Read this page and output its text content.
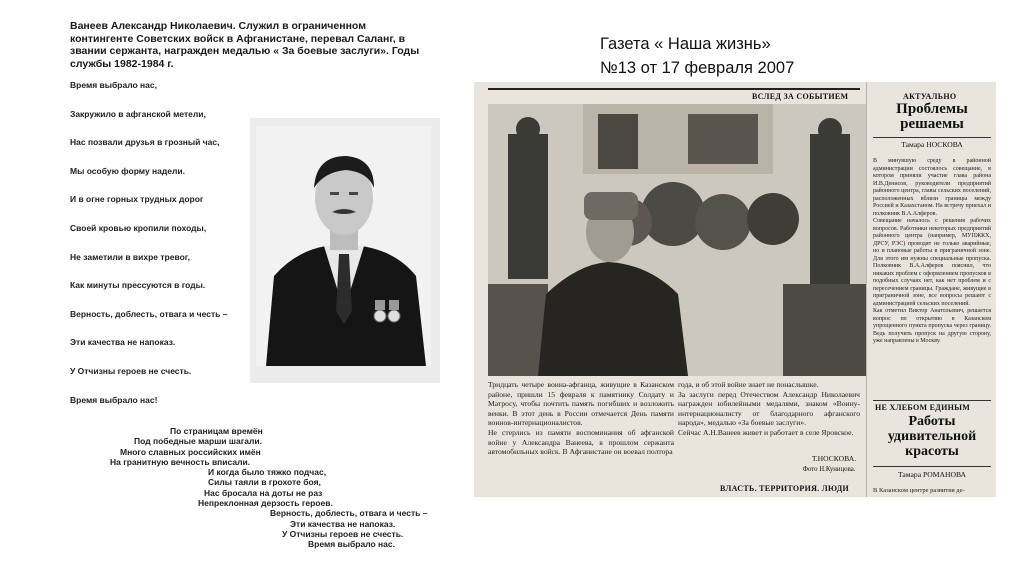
Ванеев Александр Николаевич. Служил в ограниченном контингенте Советских войск в Афганистане, перевал Саланг, в звании сержанта, награжден медалью « За боевые заслуги». Годы службы 1982-1984 г.
Время выбрало нас,
Закружило в афганской метели,
Нас позвали друзья в грозный час,
Мы особую форму надели.
И в огне горных трудных дорог
Своей кровью кропили походы,
Не заметили в вихре тревог,
Как минуты прессуются в годы.
Верность, доблесть, отвага и честь –
Эти качества не напоказ.
У Отчизны героев не счесть.
Время выбрало нас!
По страницам времён
Под победные марши шагали.
Много славных российских имён
На гранитную вечность вписали.
И когда было тяжко подчас,
Силы таяли в грохоте боя,
Нас бросала на доты не раз
Непреклонная дерзость героев.
Верность, доблесть, отвага и честь –
Эти качества не напоказ.
У Отчизны героев не счесть.
Время выбрало нас.
Газета « Наша жизнь»
№13 от 17 февраля 2007
ВСЛЕД ЗА СОБЫТИЕМ
Тридцать четыре воина-афганца, живущие в Казанском районе, пришли 15 февраля к памятнику Солдату и Матросу, чтобы почтить память погибших и возложить венки. В этот день в России отмечается День памяти воинов-интернационалистов.
Не стерлись из памяти воспоминания об афганской войне у Александра Ванеева, в прошлом сержанта автомобильных войск. В Афганистане он воевал полтора
года, и об этой войне знает не понаслышке.
За заслуги перед Отечеством Александр Николаевич награжден юбилейными медалями, знаком «Воину-интернационалисту от благодарного афганского народа», медалью «За боевые заслуги».
Сейчас А.Н.Ванеев живет и работает в селе Яровское.
Т.НОСКОВА.
Фото Н.Куницова.
ВЛАСТЬ. ТЕРРИТОРИЯ. ЛЮДИ
АКТУАЛЬНО
Проблемы решаемы
Тамара НОСКОВА
В минувшую среду в районной администрации состоялось совещание, в котором приняли участие глава района И.В.Денисов, руководители предприятий районного центра, главы сельских поселений, расположенных вблизи границы между Россией и Казахстаном. На встречу приехал и полковник В.А.Алферов.
Совещание началось с решения рабочих вопросов. Работники некоторых предприятий районного центра (например, МУПЖКХ, ДРСУ, РЭС) проводят не только аварийные, но и плановые работы в приграничной зоне. Для этого им нужны специальные пропуска. Полковник В.А.Алферов пояснил, что никаких проблем с оформлением пропусков в подобных случаях нет, как нет проблем и с пересечением границы. Граждане, живущие в приграничной зоне, все вопросы решают с администрацией сельских поселений.
Как отметил Виктор Анатольевич, решается вопрос по открытию в Казанском упрощенного пункта пропуска через границу. Ведь получить пропуск на другую сторону, уже направлены в Москву.
НЕ ХЛЕБОМ ЕДИНЫМ
Работы удивительной красоты
Тамара РОМАНОВА
В Казанском центре развития де-
